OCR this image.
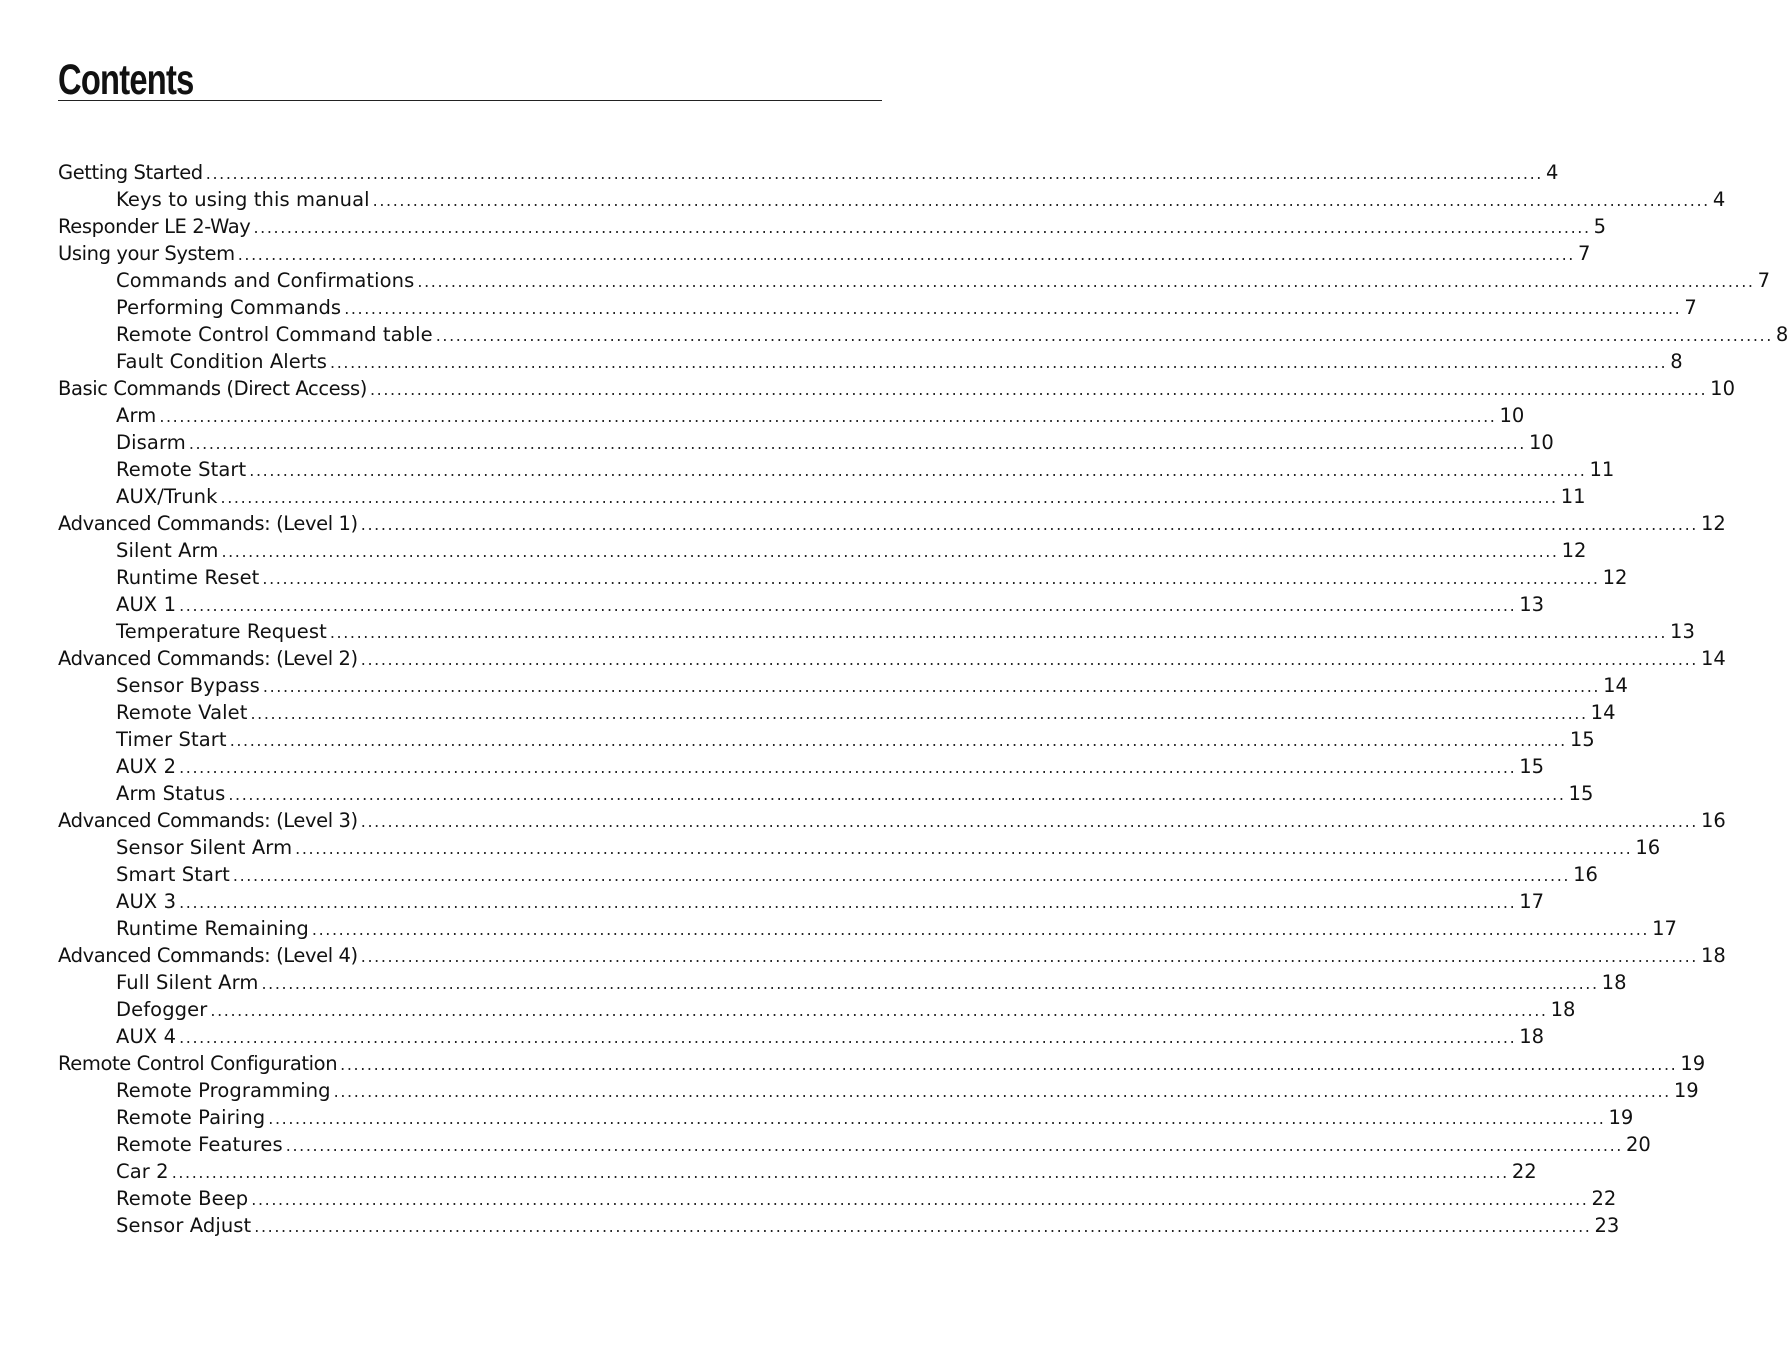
Contents
Getting Started ........................................................................................................................................................................................................ 4
Keys to using this manual ........................................................................................................................................................................................................ 4
Responder LE 2-Way ........................................................................................................................................................................................................ 5
Using your System ........................................................................................................................................................................................................ 7
Commands and Confirmations ........................................................................................................................................................................................................ 7
Performing Commands ........................................................................................................................................................................................................ 7
Remote Control Command table ........................................................................................................................................................................................................ 8
Fault Condition Alerts ........................................................................................................................................................................................................ 8
Basic Commands (Direct Access) ........................................................................................................................................................................................................ 10
Arm ........................................................................................................................................................................................................ 10
Disarm ........................................................................................................................................................................................................ 10
Remote Start ........................................................................................................................................................................................................ 11
AUX/Trunk ........................................................................................................................................................................................................ 11
Advanced Commands: (Level 1) ........................................................................................................................................................................................................ 12
Silent Arm ........................................................................................................................................................................................................ 12
Runtime Reset ........................................................................................................................................................................................................ 12
AUX 1 ........................................................................................................................................................................................................ 13
Temperature Request ........................................................................................................................................................................................................ 13
Advanced Commands: (Level 2) ........................................................................................................................................................................................................ 14
Sensor Bypass ........................................................................................................................................................................................................ 14
Remote Valet ........................................................................................................................................................................................................ 14
Timer Start ........................................................................................................................................................................................................ 15
AUX 2 ........................................................................................................................................................................................................ 15
Arm Status ........................................................................................................................................................................................................ 15
Advanced Commands: (Level 3) ........................................................................................................................................................................................................ 16
Sensor Silent Arm ........................................................................................................................................................................................................ 16
Smart Start ........................................................................................................................................................................................................ 16
AUX 3 ........................................................................................................................................................................................................ 17
Runtime Remaining ........................................................................................................................................................................................................ 17
Advanced Commands: (Level 4) ........................................................................................................................................................................................................ 18
Full Silent Arm ........................................................................................................................................................................................................ 18
Defogger ........................................................................................................................................................................................................ 18
AUX 4 ........................................................................................................................................................................................................ 18
Remote Control Configuration ........................................................................................................................................................................................................ 19
Remote Programming ........................................................................................................................................................................................................ 19
Remote Pairing ........................................................................................................................................................................................................ 19
Remote Features ........................................................................................................................................................................................................ 20
Car 2 ........................................................................................................................................................................................................ 22
Remote Beep ........................................................................................................................................................................................................ 22
Sensor Adjust ........................................................................................................................................................................................................ 23
